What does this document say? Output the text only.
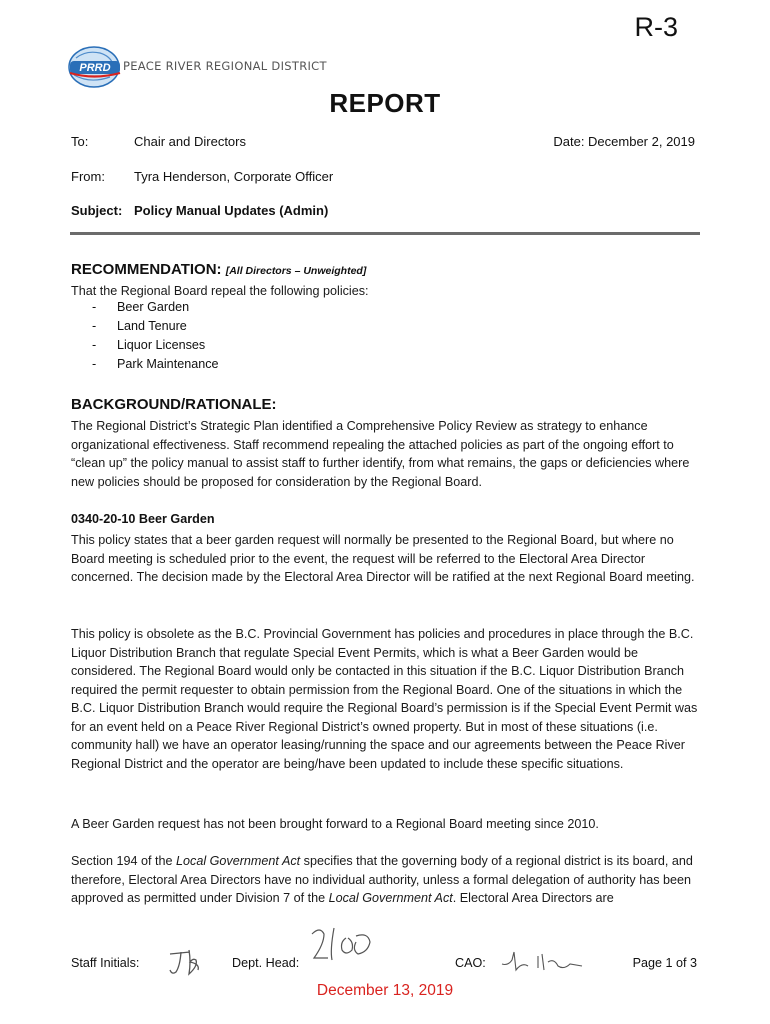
R-3
PRRD PEACE RIVER REGIONAL DISTRICT
REPORT
To:	Chair and Directors	Date: December 2, 2019
From: Tyra Henderson, Corporate Officer
Subject: Policy Manual Updates (Admin)
RECOMMENDATION: [All Directors – Unweighted]
That the Regional Board repeal the following policies:
- Beer Garden
- Land Tenure
- Liquor Licenses
- Park Maintenance
BACKGROUND/RATIONALE:
The Regional District’s Strategic Plan identified a Comprehensive Policy Review as strategy to enhance organizational effectiveness. Staff recommend repealing the attached policies as part of the ongoing effort to “clean up” the policy manual to assist staff to further identify, from what remains, the gaps or deficiencies where new policies should be proposed for consideration by the Regional Board.
0340-20-10 Beer Garden
This policy states that a beer garden request will normally be presented to the Regional Board, but where no Board meeting is scheduled prior to the event, the request will be referred to the Electoral Area Director concerned. The decision made by the Electoral Area Director will be ratified at the next Regional Board meeting.
This policy is obsolete as the B.C. Provincial Government has policies and procedures in place through the B.C. Liquor Distribution Branch that regulate Special Event Permits, which is what a Beer Garden would be considered. The Regional Board would only be contacted in this situation if the B.C. Liquor Distribution Branch required the permit requester to obtain permission from the Regional Board. One of the situations in which the B.C. Liquor Distribution Branch would require the Regional Board’s permission is if the Special Event Permit was for an event held on a Peace River Regional District’s owned property. But in most of these situations (i.e. community hall) we have an operator leasing/running the space and our agreements between the Peace River Regional District and the operator are being/have been updated to include these specific situations.
A Beer Garden request has not been brought forward to a Regional Board meeting since 2010.
Section 194 of the Local Government Act specifies that the governing body of a regional district is its board, and therefore, Electoral Area Directors have no individual authority, unless a formal delegation of authority has been approved as permitted under Division 7 of the Local Government Act. Electoral Area Directors are
Staff Initials:	Dept. Head:	CAO:	Page 1 of 3
December 13, 2019
